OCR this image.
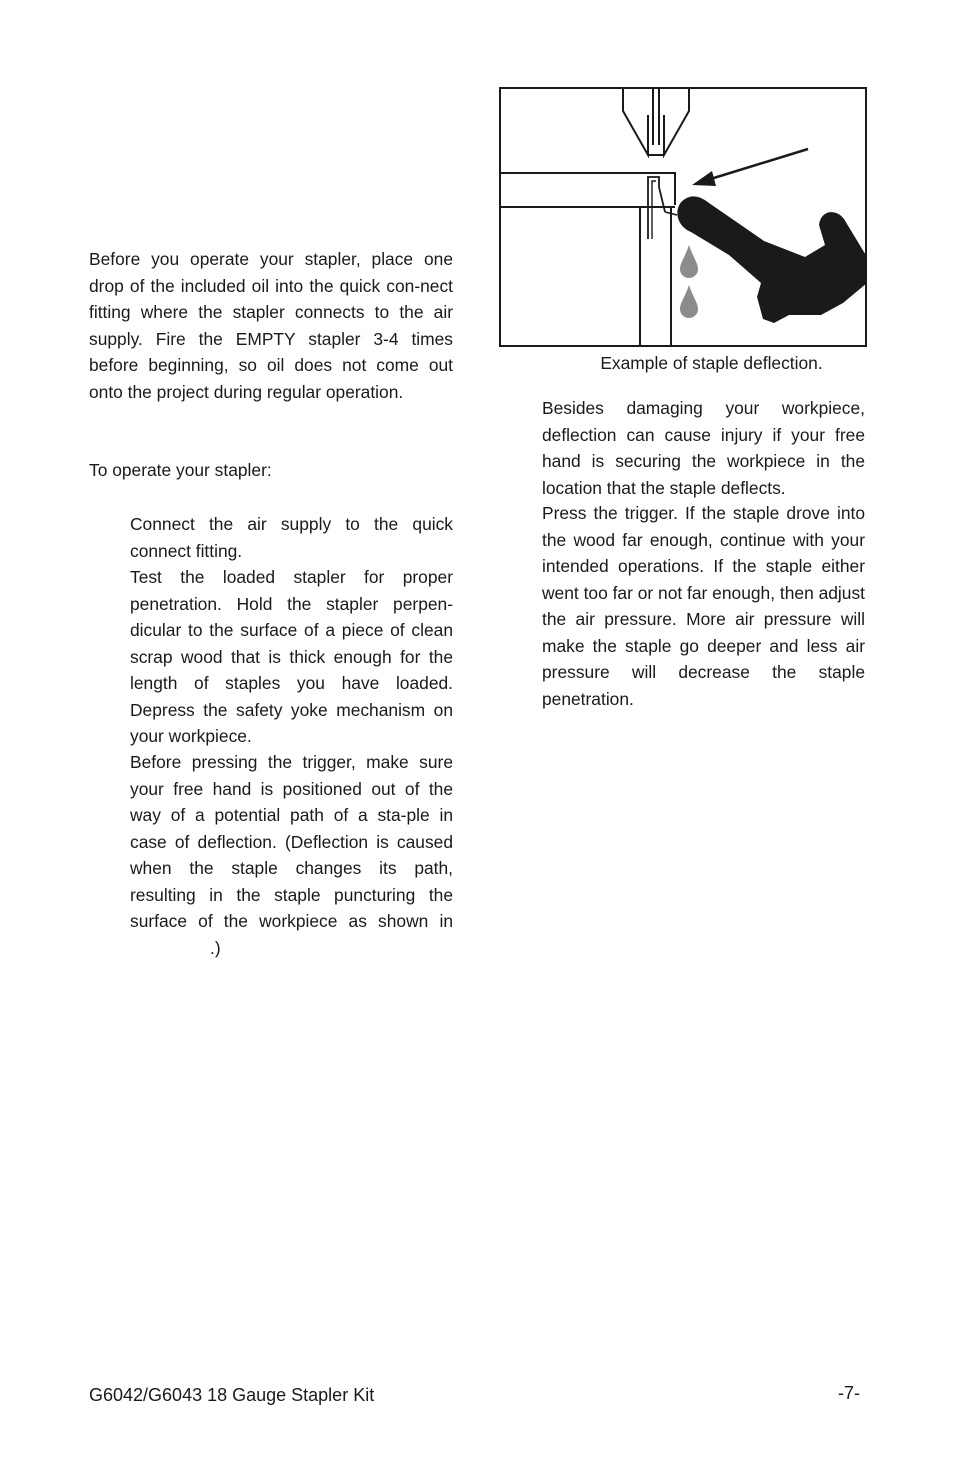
Before you operate your stapler, place one drop of the included oil into the quick con-nect fitting where the stapler connects to the air supply. Fire the EMPTY stapler 3-4 times before beginning, so oil does not come out onto the project during regular operation.

To operate your stapler:

Connect the air supply to the quick connect fitting.

Test the loaded stapler for proper penetration. Hold the stapler perpen-dicular to the surface of a piece of clean scrap wood that is thick enough for the length of staples you have loaded. Depress the safety yoke mechanism on your workpiece.

Before pressing the trigger, make sure your free hand is positioned out of the way of a potential path of a sta-ple in case of deflection. (Deflection is caused when the staple changes its path, resulting in the staple puncturing the surface of the workpiece as shown in.)

Example of staple deflection.

Besides damaging your workpiece, deflection can cause injury if your free hand is securing the workpiece in the location that the staple deflects.

Press the trigger. If the staple drove into the wood far enough, continue with your intended operations. If the staple either went too far or not far enough, then adjust the air pressure. More air pressure will make the staple go deeper and less air pressure will decrease the staple penetration.

G6042/G6043 18 Gauge Stapler Kit	-7-
